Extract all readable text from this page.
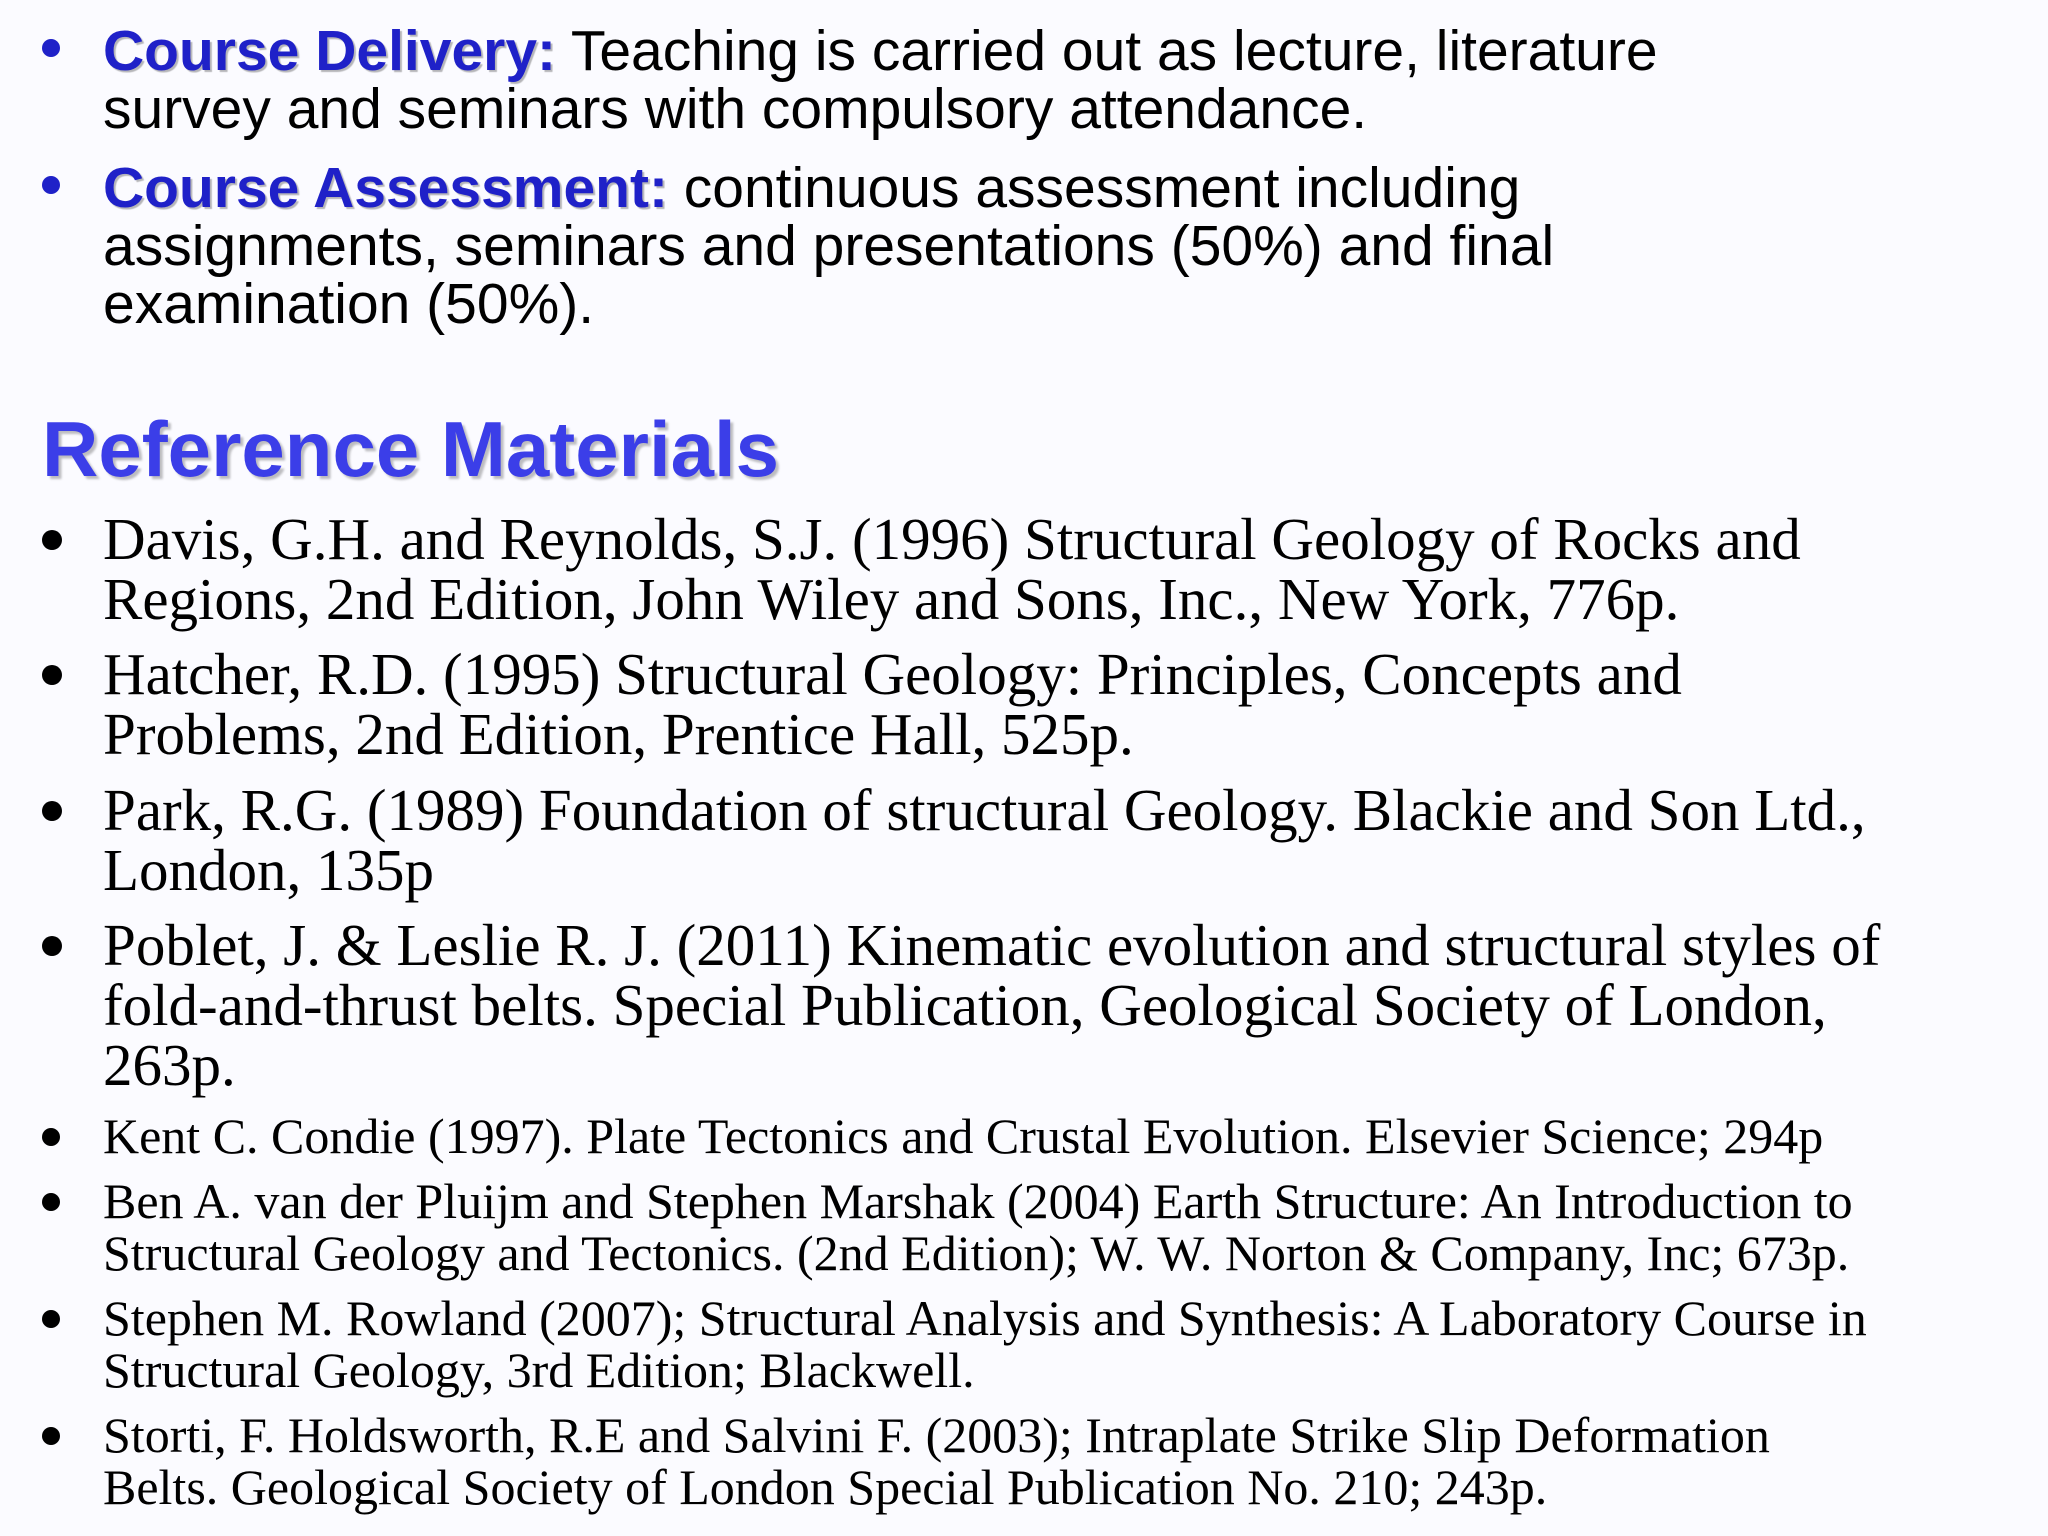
Course Delivery: Teaching is carried out as lecture, literature
survey and seminars with compulsory attendance.
Course Assessment: continuous assessment including
assignments, seminars and presentations (50%) and final
examination (50%).
Reference Materials
Davis, G.H. and Reynolds, S.J. (1996) Structural Geology of Rocks and
Regions, 2nd Edition, John Wiley and Sons, Inc., New York, 776p.
Hatcher, R.D. (1995) Structural Geology: Principles, Concepts and
Problems, 2nd Edition, Prentice Hall, 525p.
Park, R.G. (1989) Foundation of structural Geology. Blackie and Son Ltd.,
London, 135p
Poblet, J. & Leslie R. J. (2011) Kinematic evolution and structural styles of
fold-and-thrust belts. Special Publication, Geological Society of London,
263p.
Kent C. Condie (1997). Plate Tectonics and Crustal Evolution. Elsevier Science; 294p
Ben A. van der Pluijm and Stephen Marshak (2004) Earth Structure: An Introduction to
Structural Geology and Tectonics. (2nd Edition); W. W. Norton & Company, Inc; 673p.
Stephen M. Rowland (2007); Structural Analysis and Synthesis: A Laboratory Course in
Structural Geology, 3rd Edition; Blackwell.
Storti, F. Holdsworth, R.E and Salvini F. (2003); Intraplate Strike Slip Deformation
Belts. Geological Society of London Special Publication No. 210; 243p.
